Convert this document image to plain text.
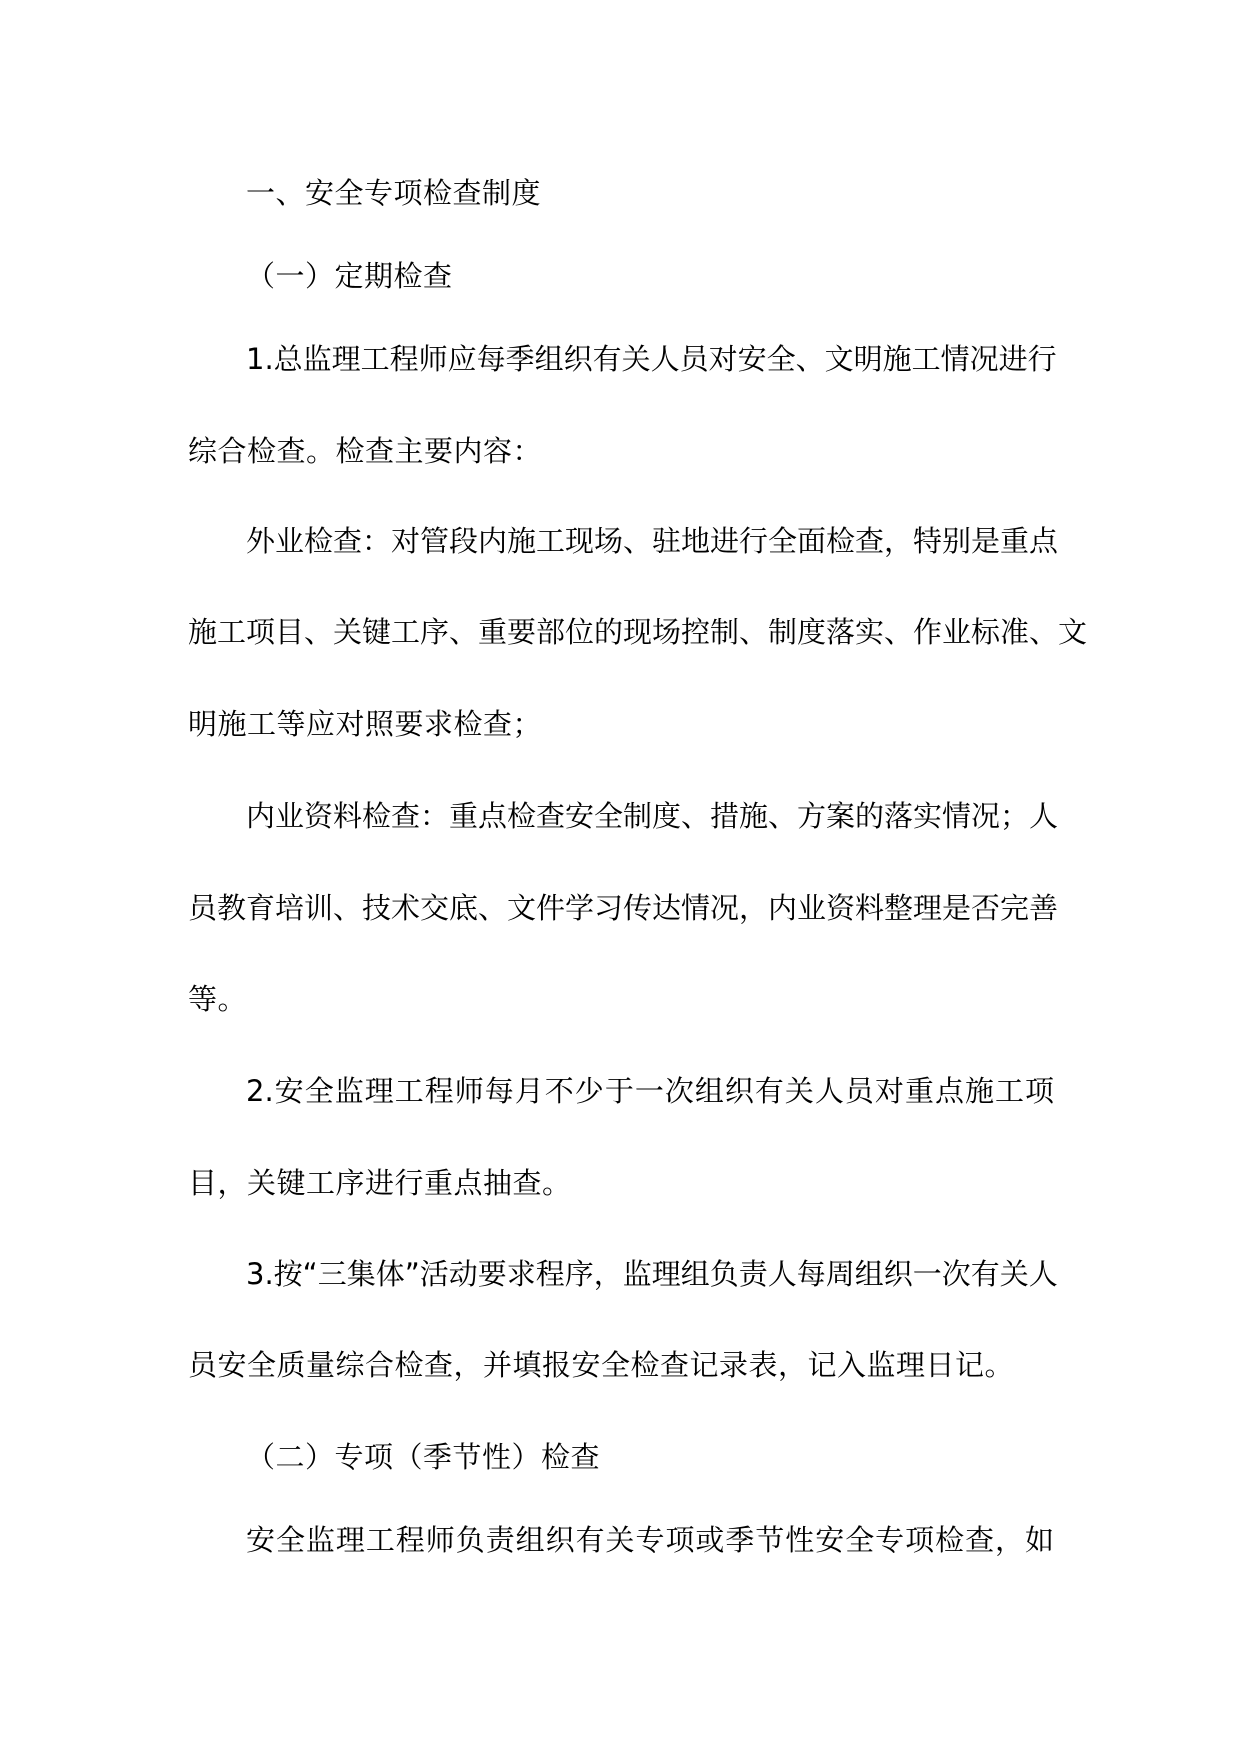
一、安全专项检查制度
（一）定期检查
1.总监理工程师应每季组织有关人员对安全、文明施工情况进行
综合检查。检查主要内容：
外业检查：对管段内施工现场、驻地进行全面检查，特别是重点
施工项目、关键工序、重要部位的现场控制、制度落实、作业标准、文
明施工等应对照要求检查；
内业资料检查：重点检查安全制度、措施、方案的落实情况；人
员教育培训、技术交底、文件学习传达情况，内业资料整理是否完善
等。
2.安全监理工程师每月不少于一次组织有关人员对重点施工项
目，关键工序进行重点抽查。
3.按“三集体”活动要求程序，监理组负责人每周组织一次有关人
员安全质量综合检查，并填报安全检查记录表，记入监理日记。
（二）专项（季节性）检查
安全监理工程师负责组织有关专项或季节性安全专项检查，如
